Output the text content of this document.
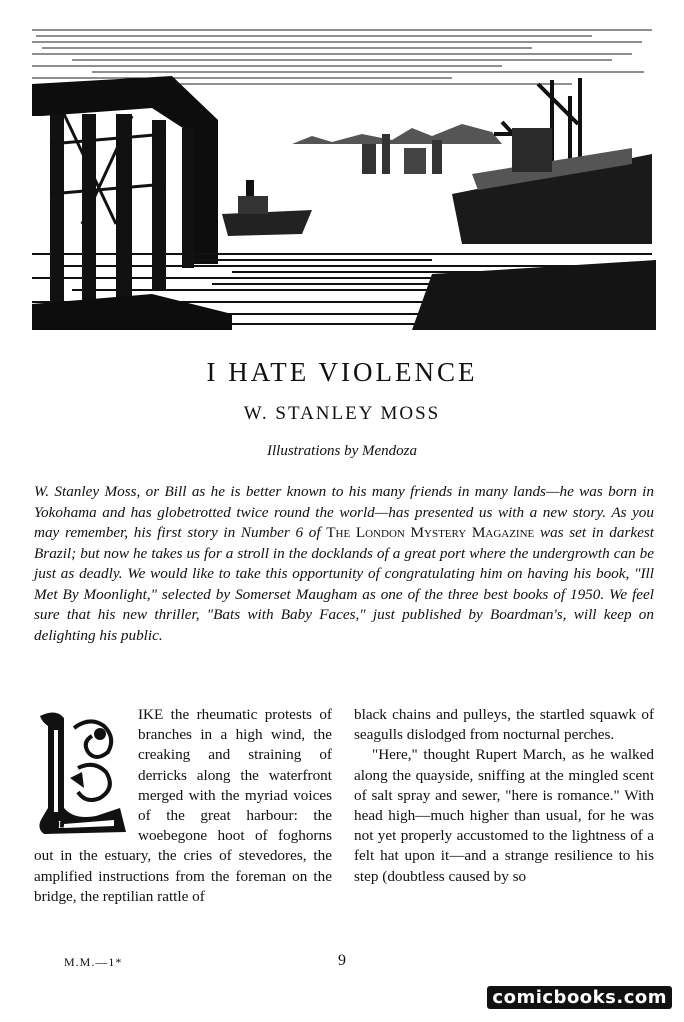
I HATE VIOLENCE
W. STANLEY MOSS
Illustrations by Mendoza

W. Stanley Moss, or Bill as he is better known to his many friends in many lands—he was born in Yokohama and has globetrotted twice round the world—has presented us with a new story. As you may remember, his first story in Number 6 of The London Mystery Magazine was set in darkest Brazil; but now he takes us for a stroll in the docklands of a great port where the undergrowth can be just as deadly. We would like to take this opportunity of congratulating him on having his book, "Ill Met By Moonlight," selected by Somerset Maugham as one of the three best books of 1950. We feel sure that his new thriller, "Bats with Baby Faces," just published by Boardman's, will keep on delighting his public.

L
IKE the rheumatic protests of branches in a high wind, the creaking and straining of derricks along the waterfront merged with the myriad voices of the great harbour: the woebegone hoot of foghorns out in the estuary, the cries of stevedores, the amplified instructions from the foreman on the bridge, the reptilian rattle of
black chains and pulleys, the startled squawk of seagulls dislodged from nocturnal perches.
"Here," thought Rupert March, as he walked along the quayside, sniffing at the mingled scent of salt spray and sewer, "here is romance." With head high—much higher than usual, for he was not yet properly accustomed to the lightness of a felt hat upon it—and a strange resilience to his step (doubtless caused by so
M.M.—1*	9
comicbooks.com
